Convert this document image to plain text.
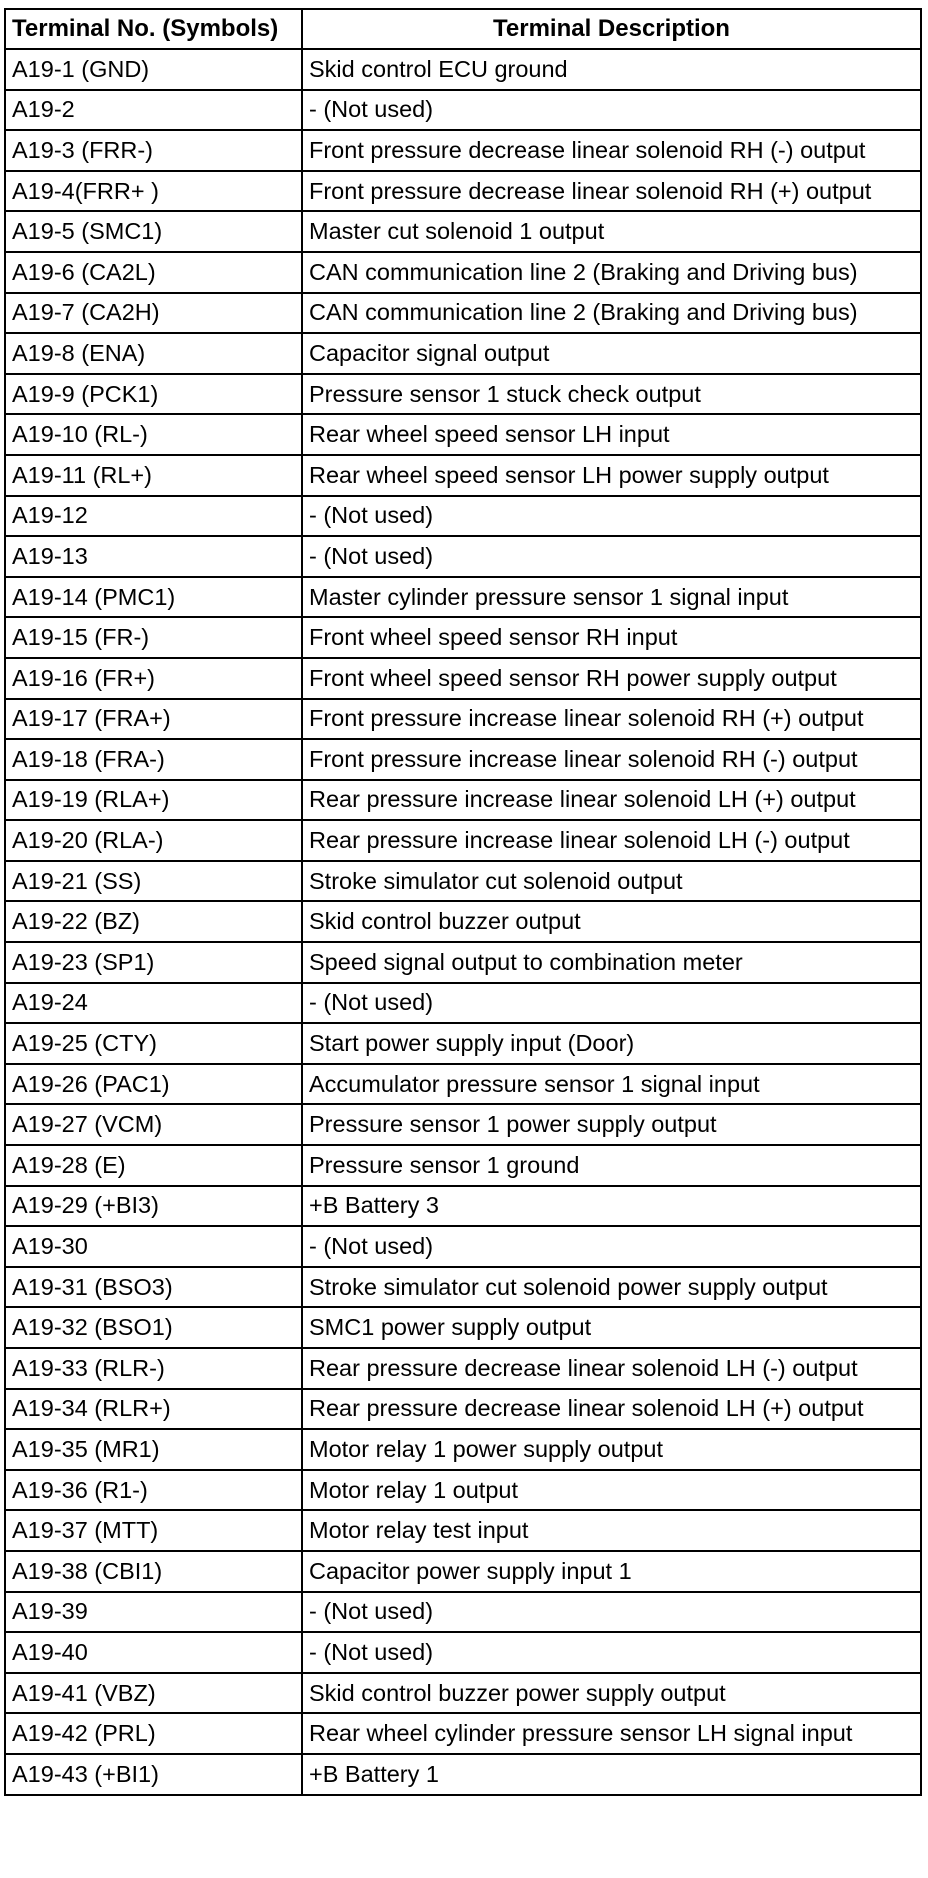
Terminal No. (Symbols)	Terminal Description
A19-1 (GND)	Skid control ECU ground
A19-2	- (Not used)
A19-3 (FRR-)	Front pressure decrease linear solenoid RH (-) output
A19-4(FRR+ )	Front pressure decrease linear solenoid RH (+) output
A19-5 (SMC1)	Master cut solenoid 1 output
A19-6 (CA2L)	CAN communication line 2 (Braking and Driving bus)
A19-7 (CA2H)	CAN communication line 2 (Braking and Driving bus)
A19-8 (ENA)	Capacitor signal output
A19-9 (PCK1)	Pressure sensor 1 stuck check output
A19-10 (RL-)	Rear wheel speed sensor LH input
A19-11 (RL+)	Rear wheel speed sensor LH power supply output
A19-12	- (Not used)
A19-13	- (Not used)
A19-14 (PMC1)	Master cylinder pressure sensor 1 signal input
A19-15 (FR-)	Front wheel speed sensor RH input
A19-16 (FR+)	Front wheel speed sensor RH power supply output
A19-17 (FRA+)	Front pressure increase linear solenoid RH (+) output
A19-18 (FRA-)	Front pressure increase linear solenoid RH (-) output
A19-19 (RLA+)	Rear pressure increase linear solenoid LH (+) output
A19-20 (RLA-)	Rear pressure increase linear solenoid LH (-) output
A19-21 (SS)	Stroke simulator cut solenoid output
A19-22 (BZ)	Skid control buzzer output
A19-23 (SP1)	Speed signal output to combination meter
A19-24	- (Not used)
A19-25 (CTY)	Start power supply input (Door)
A19-26 (PAC1)	Accumulator pressure sensor 1 signal input
A19-27 (VCM)	Pressure sensor 1 power supply output
A19-28 (E)	Pressure sensor 1 ground
A19-29 (+BI3)	+B Battery 3
A19-30	- (Not used)
A19-31 (BSO3)	Stroke simulator cut solenoid power supply output
A19-32 (BSO1)	SMC1 power supply output
A19-33 (RLR-)	Rear pressure decrease linear solenoid LH (-) output
A19-34 (RLR+)	Rear pressure decrease linear solenoid LH (+) output
A19-35 (MR1)	Motor relay 1 power supply output
A19-36 (R1-)	Motor relay 1 output
A19-37 (MTT)	Motor relay test input
A19-38 (CBI1)	Capacitor power supply input 1
A19-39	- (Not used)
A19-40	- (Not used)
A19-41 (VBZ)	Skid control buzzer power supply output
A19-42 (PRL)	Rear wheel cylinder pressure sensor LH signal input
A19-43 (+BI1)	+B Battery 1
